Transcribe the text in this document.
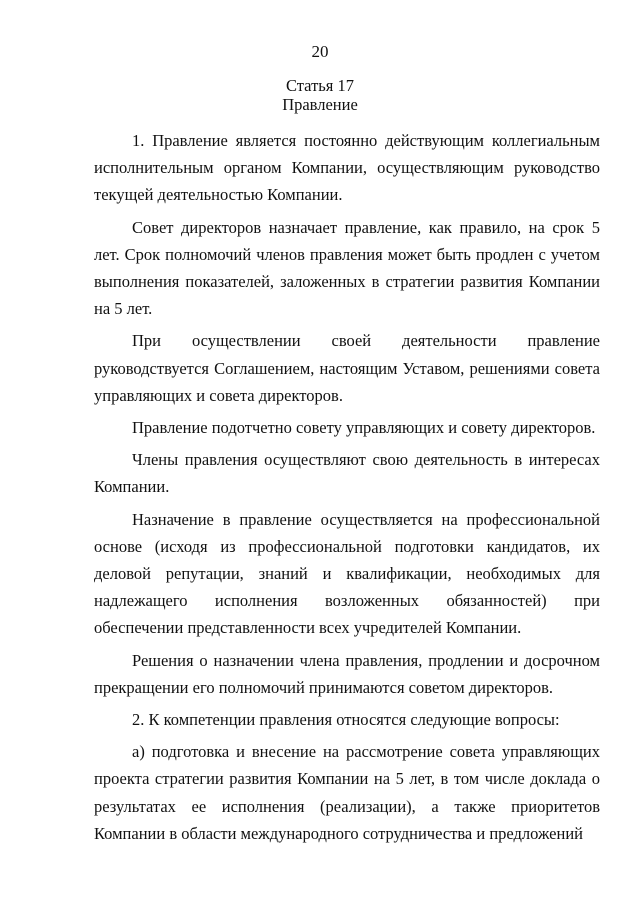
20
Статья 17
Правление

1. Правление является постоянно действующим коллегиальным исполнительным органом Компании, осуществляющим руководство текущей деятельностью Компании.

Совет директоров назначает правление, как правило, на срок 5 лет. Срок полномочий членов правления может быть продлен с учетом выполнения показателей, заложенных в стратегии развития Компании на 5 лет.

При осуществлении своей деятельности правление руководствуется Соглашением, настоящим Уставом, решениями совета управляющих и совета директоров.

Правление подотчетно совету управляющих и совету директоров.

Члены правления осуществляют свою деятельность в интересах Компании.

Назначение в правление осуществляется на профессиональной основе (исходя из профессиональной подготовки кандидатов, их деловой репутации, знаний и квалификации, необходимых для надлежащего исполнения возложенных обязанностей) при обеспечении представленности всех учредителей Компании.

Решения о назначении члена правления, продлении и досрочном прекращении его полномочий принимаются советом директоров.

2. К компетенции правления относятся следующие вопросы:

а) подготовка и внесение на рассмотрение совета управляющих проекта стратегии развития Компании на 5 лет, в том числе доклада о результатах ее исполнения (реализации), а также приоритетов Компании в области международного сотрудничества и предложений
